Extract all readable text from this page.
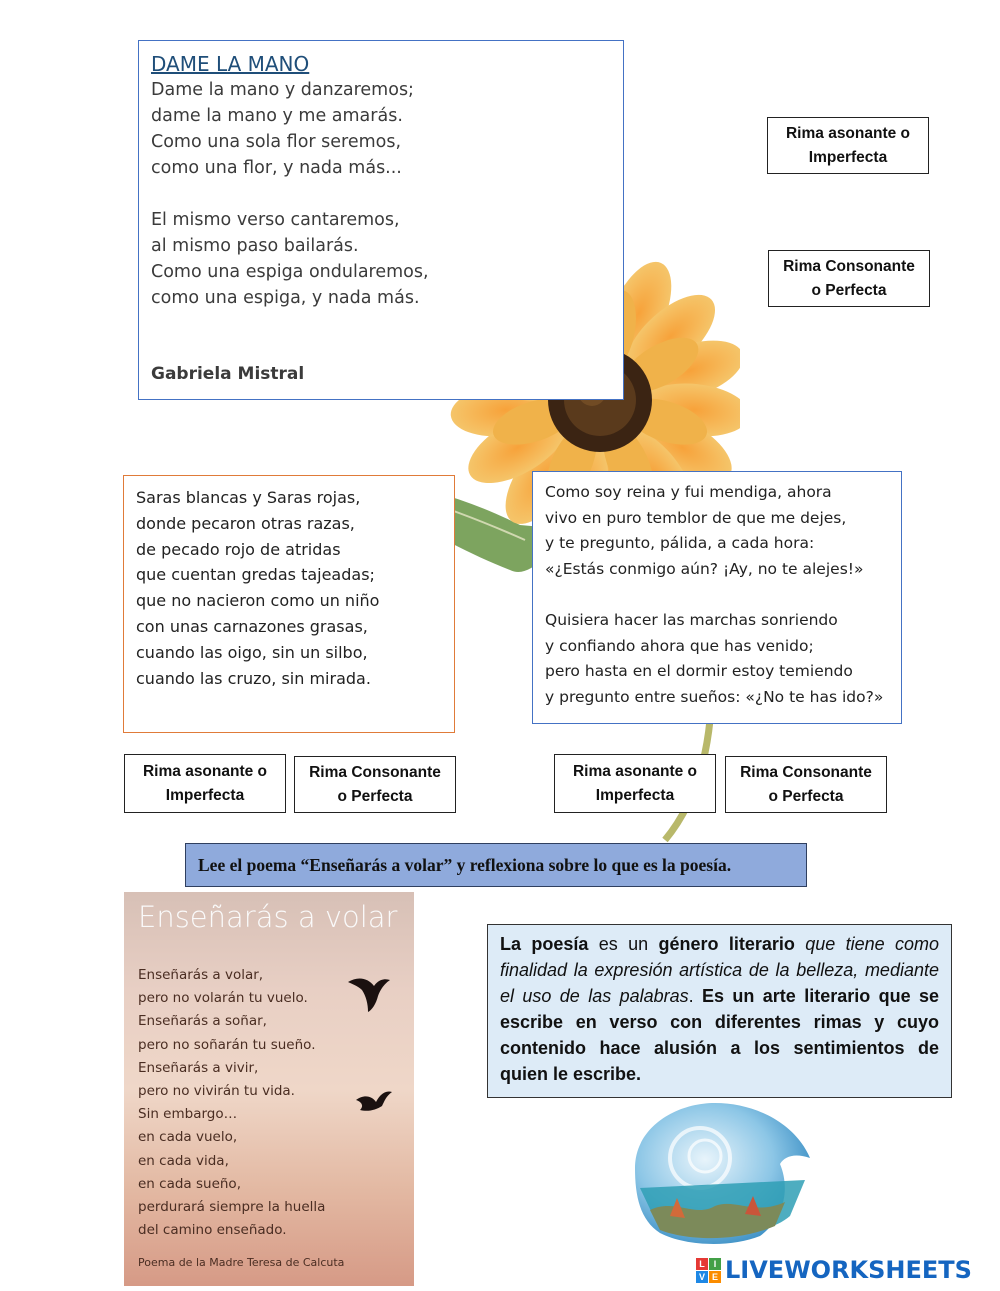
DAME LA MANO
Dame la mano y danzaremos;
dame la mano y me amarás.
Como una sola flor seremos,
como una flor, y nada más...
El mismo verso cantaremos,
al mismo paso bailarás.
Como una espiga ondularemos,
como una espiga, y nada más.
Gabriela Mistral
Rima asonante o
Imperfecta
Rima Consonante
o Perfecta
Saras blancas y Saras rojas,
donde pecaron otras razas,
de pecado rojo de atridas
que cuentan gredas tajeadas;
que no nacieron como un niño
con unas carnazones grasas,
cuando las oigo, sin un silbo,
cuando las cruzo, sin mirada.
Como soy reina y fui mendiga, ahora
vivo en puro temblor de que me dejes,
y te pregunto, pálida, a cada hora:
«¿Estás conmigo aún? ¡Ay, no te alejes!»
Quisiera hacer las marchas sonriendo
y confiando ahora que has venido;
pero hasta en el dormir estoy temiendo
y pregunto entre sueños: «¿No te has ido?»
Rima asonante o
Imperfecta
Rima Consonante
o Perfecta
Rima asonante o
Imperfecta
Rima Consonante
o Perfecta
Lee el poema “Enseñarás a volar” y reflexiona sobre lo que es la poesía.
Enseñarás a volar
Enseñarás a volar,
pero no volarán tu vuelo.
Enseñarás a soñar,
pero no soñarán tu sueño.
Enseñarás a vivir,
pero no vivirán tu vida.
Sin embargo…
en cada vuelo,
en cada vida,
en cada sueño,
perdurará siempre la huella
del camino enseñado.
Poema de la Madre Teresa de Calcuta
La poesía es un género literario que tiene como finalidad la expresión artística de la belleza, mediante el uso de las palabras. Es un arte literario que se escribe en verso con diferentes rimas y cuyo contenido hace alusión a los sentimientos de quien le escribe.
L I
V E LIVEWORKSHEETS
